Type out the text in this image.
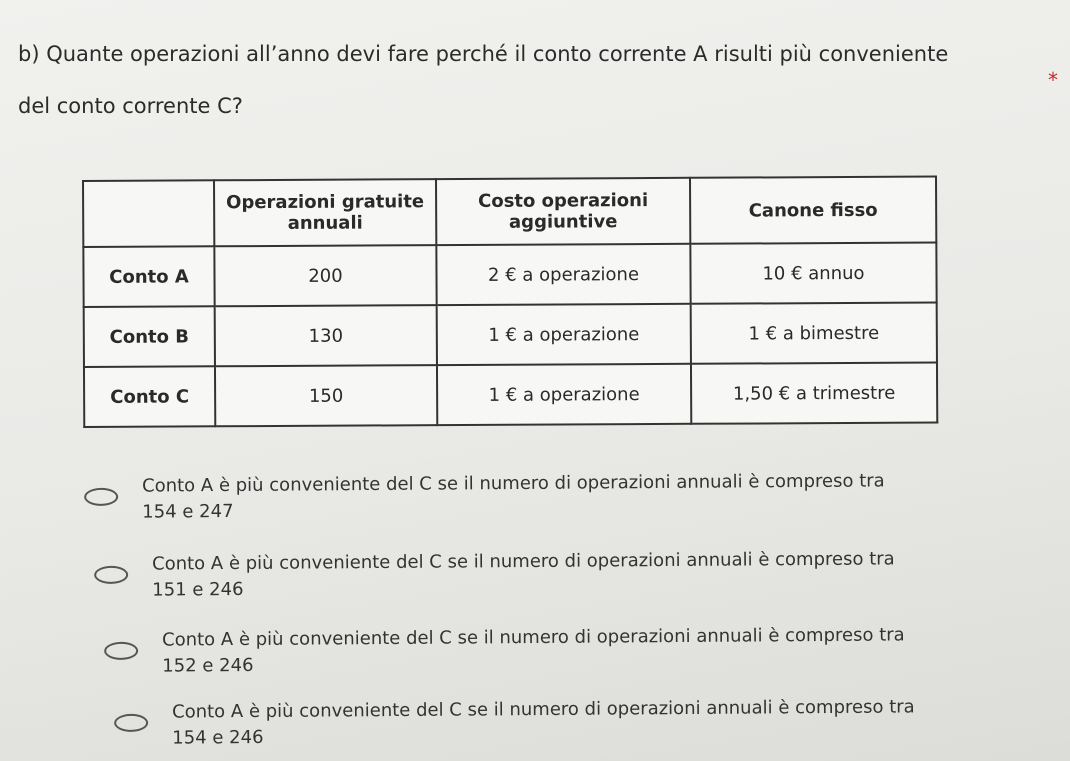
b) Quante operazioni all’anno devi fare perché il conto corrente A risulti più conveniente
del conto corrente C?
*
	Operazioni gratuite annuali	Costo operazioni aggiuntive	Canone fisso
Conto A	200	2 € a operazione	10 € annuo
Conto B	130	1 € a operazione	1 € a bimestre
Conto C	150	1 € a operazione	1,50 € a trimestre
Conto A è più conveniente del C se il numero di operazioni annuali è compreso tra
154 e 247
Conto A è più conveniente del C se il numero di operazioni annuali è compreso tra
151 e 246
Conto A è più conveniente del C se il numero di operazioni annuali è compreso tra
152 e 246
Conto A è più conveniente del C se il numero di operazioni annuali è compreso tra
154 e 246
